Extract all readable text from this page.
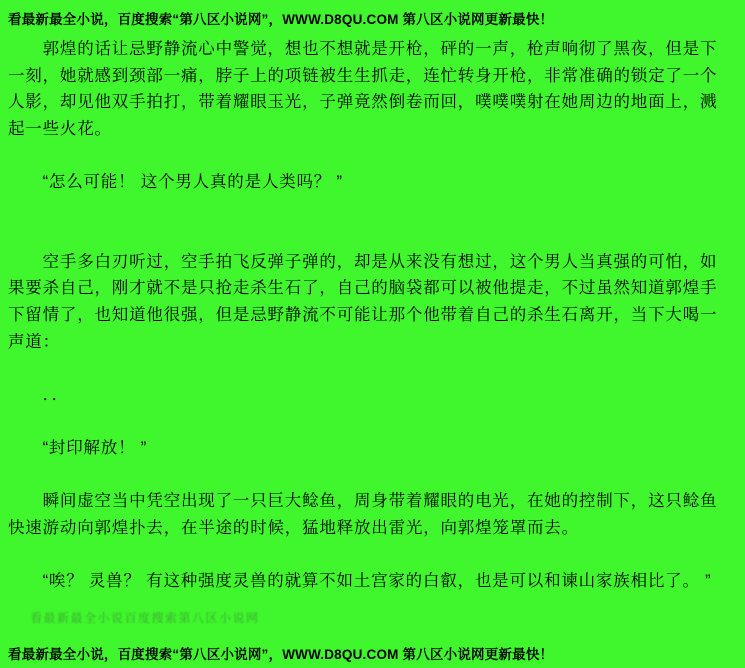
看最新最全小说，百度搜索“第八区小说网”，WWW.D8QU.COM 第八区小说网更新最快！
　　郭煌的话让忌野静流心中警觉，想也不想就是开枪，砰的一声，枪声响彻了黑夜，但是下
一刻，她就感到颈部一痛，脖子上的项链被生生抓走，连忙转身开枪，非常准确的锁定了一个
人影，却见他双手拍打，带着耀眼玉光，子弹竟然倒卷而回，噗噗噗射在她周边的地面上，溅
起一些火花。

　　“怎么可能！ 这个男人真的是人类吗？ ”

　　空手多白刃听过，空手拍飞反弹子弹的，却是从来没有想过，这个男人当真强的可怕，如
果要杀自己，刚才就不是只抢走杀生石了，自己的脑袋都可以被他提走，不过虽然知道郭煌手
下留情了，也知道他很强，但是忌野静流不可能让那个他带着自己的杀生石离开，当下大喝一
声道：

　　．．

　　“封印解放！ ”

　　瞬间虚空当中凭空出现了一只巨大鲶鱼，周身带着耀眼的电光，在她的控制下，这只鲶鱼
快速游动向郭煌扑去，在半途的时候，猛地释放出雷光，向郭煌笼罩而去。

　　“唉？ 灵兽？ 有这种强度灵兽的就算不如土宫家的白叡，也是可以和谏山家族相比了。 ”
看最新最全小说百度搜索第八区小说网
看最新最全小说，百度搜索“第八区小说网”，WWW.D8QU.COM 第八区小说网更新最快！
